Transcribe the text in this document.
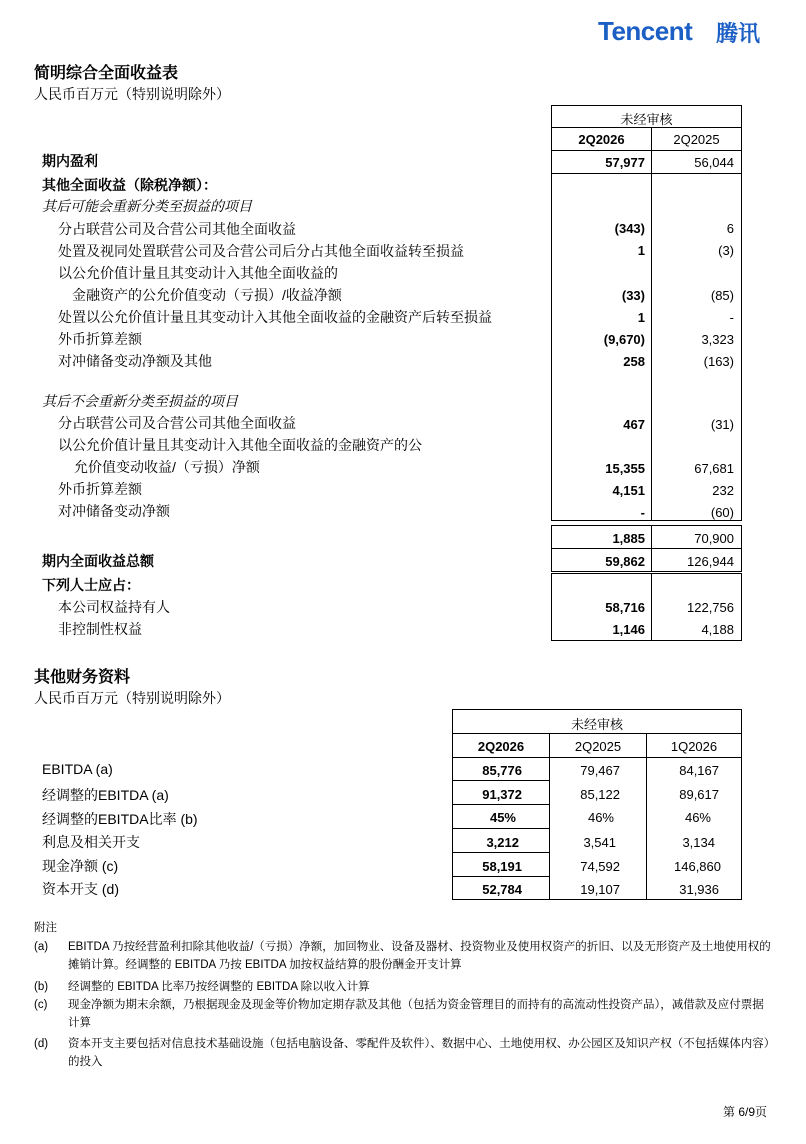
Tencent 腾讯
简明综合全面收益表
人民币百万元（特别说明除外）
未经审核
2Q2026	2Q2025
期内盈利	57,977	56,044
其他全面收益（除税净额）：
其后可能会重新分类至损益的项目
分占联营公司及合营公司其他全面收益	(343)	6
处置及视同处置联营公司及合营公司后分占其他全面收益转至损益	1	(3)
以公允价值计量且其变动计入其他全面收益的
金融资产的公允价值变动（亏损）/收益净额	(33)	(85)
处置以公允价值计量且其变动计入其他全面收益的金融资产后转至损益	1	-
外币折算差额	(9,670)	3,323
对冲储备变动净额及其他	258	(163)
其后不会重新分类至损益的项目
分占联营公司及合营公司其他全面收益	467	(31)
以公允价值计量且其变动计入其他全面收益的金融资产的公
允价值变动收益/（亏损）净额	15,355	67,681
外币折算差额	4,151	232
对冲储备变动净额	-	(60)
1,885	70,900
期内全面收益总额	59,862	126,944
下列人士应占：
本公司权益持有人	58,716	122,756
非控制性权益	1,146	4,188
其他财务资料
人民币百万元（特别说明除外）
未经审核
2Q2026	2Q2025	1Q2026
EBITDA (a)	85,776	79,467	84,167
经调整的EBITDA (a)	91,372	85,122	89,617
经调整的EBITDA比率 (b)	45%	46%	46%
利息及相关开支	3,212	3,541	3,134
现金净额 (c)	58,191	74,592	146,860
资本开支 (d)	52,784	19,107	31,936
附注
(a) EBITDA 乃按经营盈利扣除其他收益/（亏损）净额，加回物业、设备及器材、投资物业及使用权资产的折旧、以及无形资产及土地使用权的摊销计算。经调整的 EBITDA 乃按 EBITDA 加按权益结算的股份酬金开支计算
(b) 经调整的 EBITDA 比率乃按经调整的 EBITDA 除以收入计算
(c) 现金净额为期末余额，乃根据现金及现金等价物加定期存款及其他（包括为资金管理目的而持有的高流动性投资产品），减借款及应付票据计算
(d) 资本开支主要包括对信息技术基础设施（包括电脑设备、零配件及软件）、数据中心、土地使用权、办公园区及知识产权（不包括媒体内容）的投入
第 6/9页
